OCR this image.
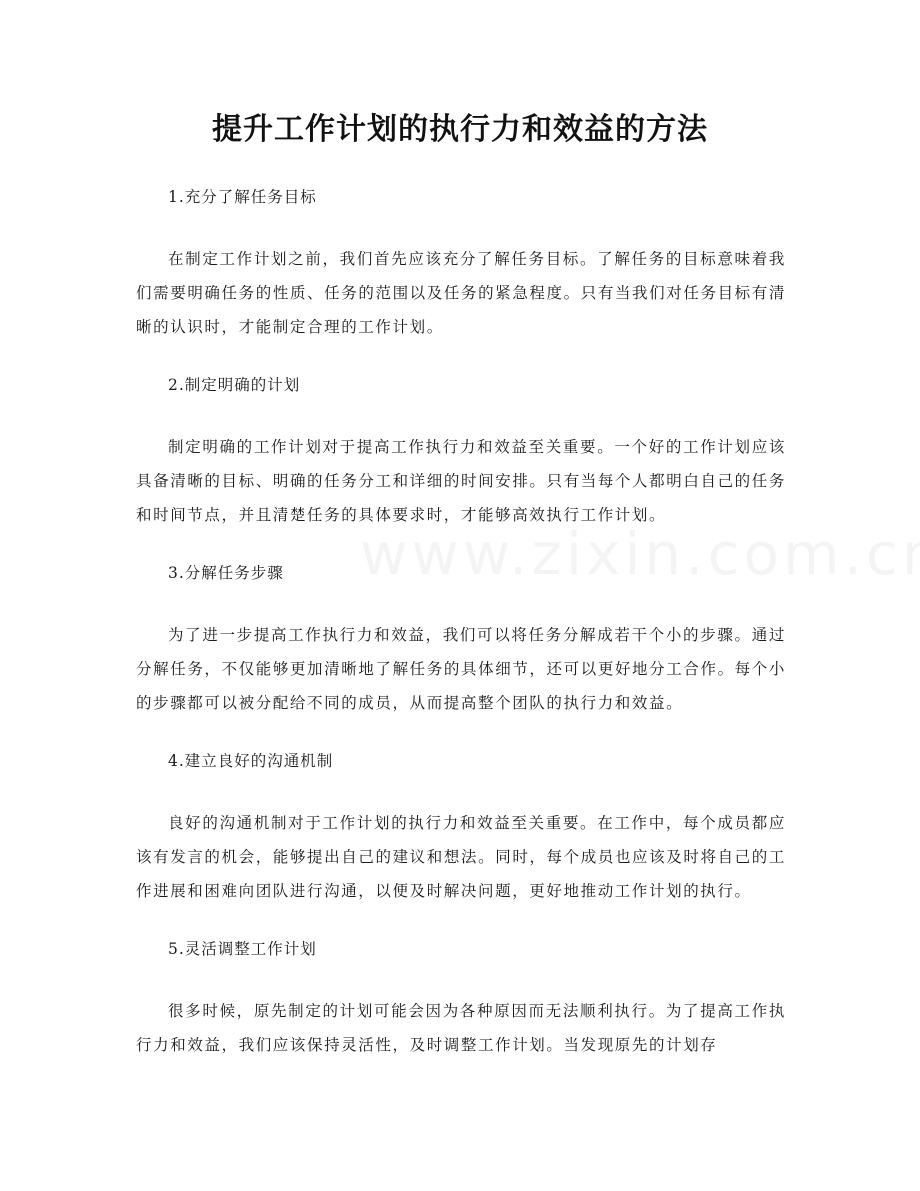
提升工作计划的执行力和效益的方法

1.充分了解任务目标

在制定工作计划之前，我们首先应该充分了解任务目标。了解任务的目标意味着我们需要明确任务的性质、任务的范围以及任务的紧急程度。只有当我们对任务目标有清晰的认识时，才能制定合理的工作计划。

2.制定明确的计划

制定明确的工作计划对于提高工作执行力和效益至关重要。一个好的工作计划应该具备清晰的目标、明确的任务分工和详细的时间安排。只有当每个人都明白自己的任务和时间节点，并且清楚任务的具体要求时，才能够高效执行工作计划。

3.分解任务步骤

为了进一步提高工作执行力和效益，我们可以将任务分解成若干个小的步骤。通过分解任务，不仅能够更加清晰地了解任务的具体细节，还可以更好地分工合作。每个小的步骤都可以被分配给不同的成员，从而提高整个团队的执行力和效益。

4.建立良好的沟通机制

良好的沟通机制对于工作计划的执行力和效益至关重要。在工作中，每个成员都应该有发言的机会，能够提出自己的建议和想法。同时，每个成员也应该及时将自己的工作进展和困难向团队进行沟通，以便及时解决问题，更好地推动工作计划的执行。

5.灵活调整工作计划

很多时候，原先制定的计划可能会因为各种原因而无法顺利执行。为了提高工作执行力和效益，我们应该保持灵活性，及时调整工作计划。当发现原先的计划存
